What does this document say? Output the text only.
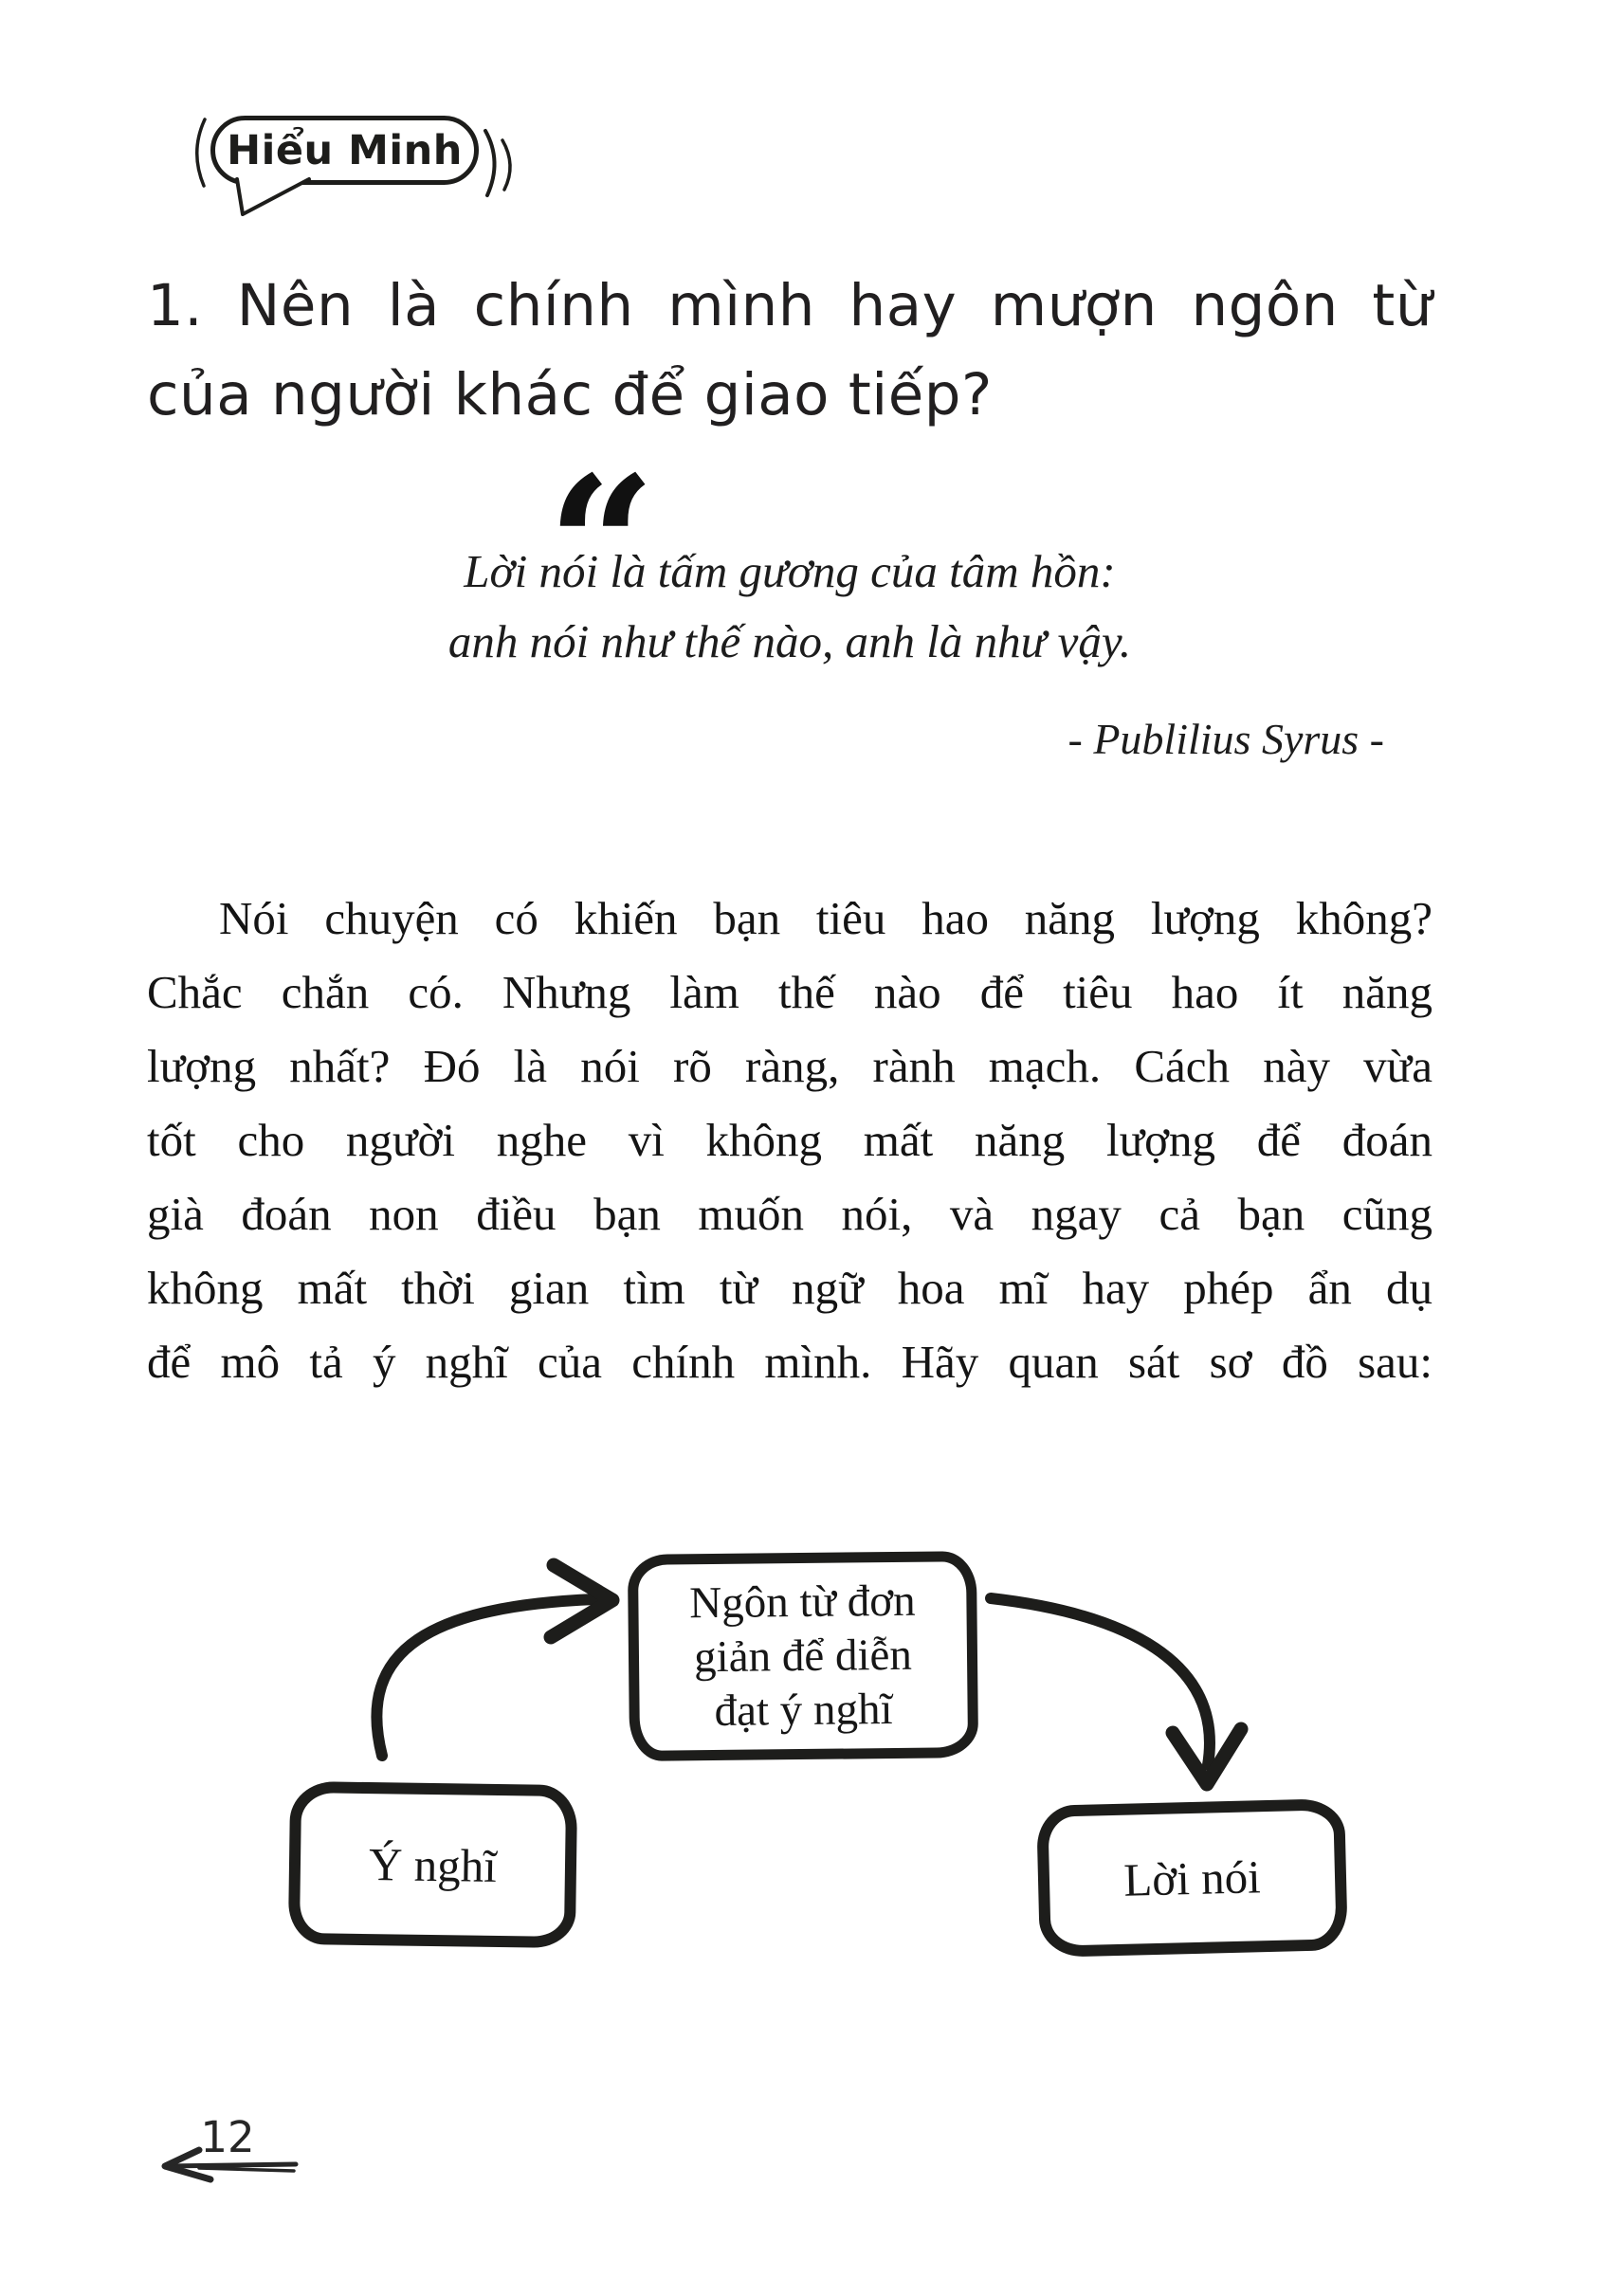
Hiểu Minh
1. Nên là chính mình hay mượn ngôn từ
của người khác để giao tiếp?
“
Lời nói là tấm gương của tâm hồn:
anh nói như thế nào, anh là như vậy.
- Publilius Syrus -
Nói chuyện có khiến bạn tiêu hao năng lượng không?
Chắc chắn có. Nhưng làm thế nào để tiêu hao ít năng
lượng nhất? Đó là nói rõ ràng, rành mạch. Cách này vừa
tốt cho người nghe vì không mất năng lượng để đoán
già đoán non điều bạn muốn nói, và ngay cả bạn cũng
không mất thời gian tìm từ ngữ hoa mĩ hay phép ẩn dụ
để mô tả ý nghĩ của chính mình. Hãy quan sát sơ đồ sau:
Ngôn từ đơn
giản để diễn
đạt ý nghĩ
Ý nghĩ	Lời nói
12
